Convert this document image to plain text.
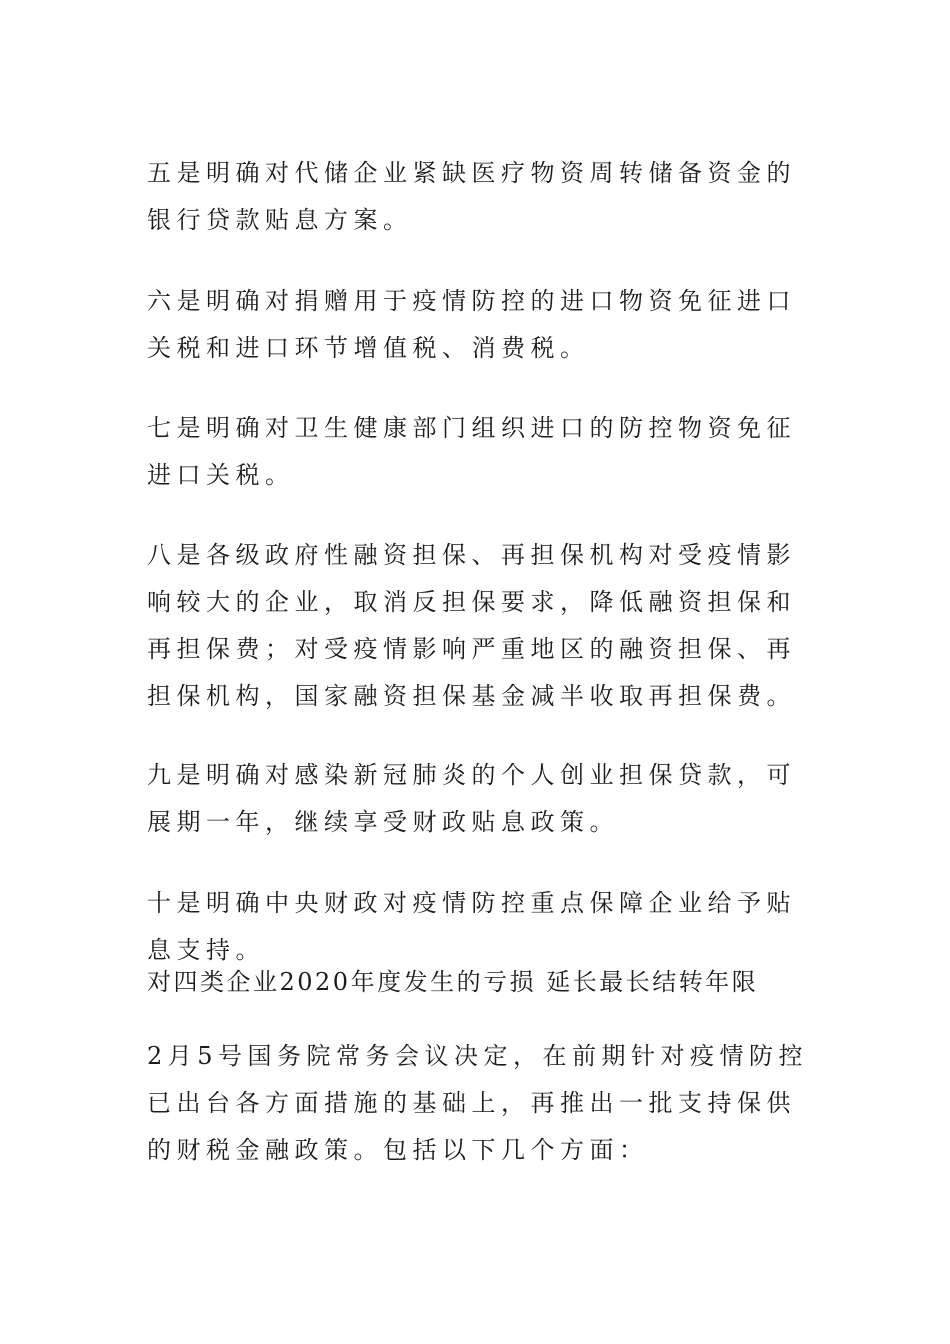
五是明确对代储企业紧缺医疗物资周转储备资金的银行贷款贴息方案。

六是明确对捐赠用于疫情防控的进口物资免征进口关税和进口环节增值税、消费税。

七是明确对卫生健康部门组织进口的防控物资免征进口关税。

八是各级政府性融资担保、再担保机构对受疫情影响较大的企业，取消反担保要求，降低融资担保和再担保费；对受疫情影响严重地区的融资担保、再担保机构，国家融资担保基金减半收取再担保费。

九是明确对感染新冠肺炎的个人创业担保贷款，可展期一年，继续享受财政贴息政策。

十是明确中央财政对疫情防控重点保障企业给予贴息支持。

对四类企业2020年度发生的亏损 延长最长结转年限

2月5号国务院常务会议决定，在前期针对疫情防控已出台各方面措施的基础上，再推出一批支持保供的财税金融政策。包括以下几个方面：
